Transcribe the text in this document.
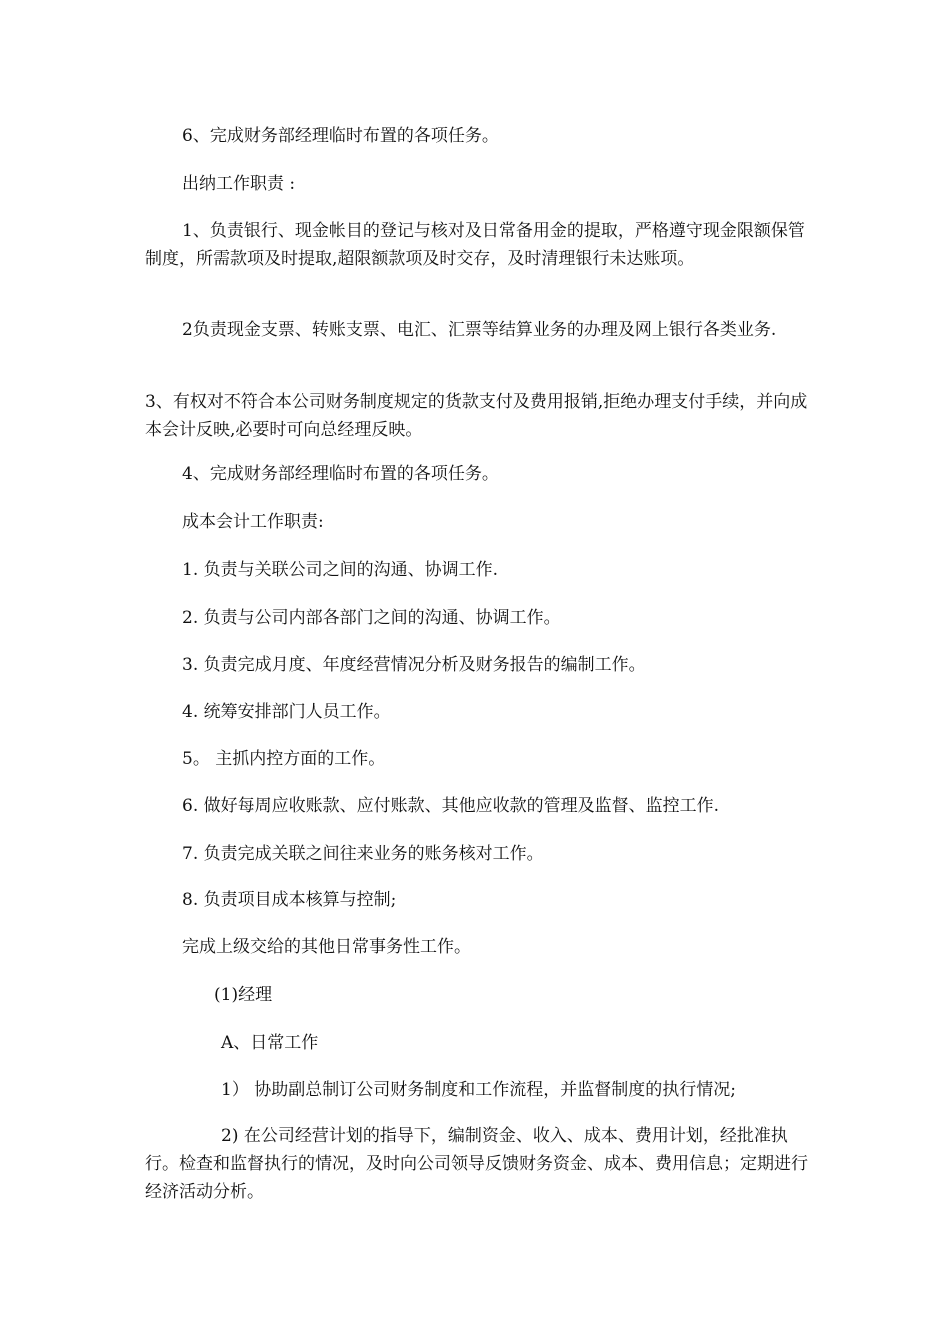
6、完成财务部经理临时布置的各项任务。

出纳工作职责 :

1、负责银行、现金帐目的登记与核对及日常备用金的提取，严格遵守现金限额保管制度，所需款项及时提取,超限额款项及时交存，及时清理银行未达账项。

2负责现金支票、转账支票、电汇、汇票等结算业务的办理及网上银行各类业务.

3、有权对不符合本公司财务制度规定的货款支付及费用报销,拒绝办理支付手续，并向成本会计反映,必要时可向总经理反映。

4、完成财务部经理临时布置的各项任务。

成本会计工作职责:

1. 负责与关联公司之间的沟通、协调工作.

2. 负责与公司内部各部门之间的沟通、协调工作。

3. 负责完成月度、年度经营情况分析及财务报告的编制工作。

4. 统筹安排部门人员工作。

5。 主抓内控方面的工作。

6. 做好每周应收账款、应付账款、其他应收款的管理及监督、监控工作.

7. 负责完成关联之间往来业务的账务核对工作。

8. 负责项目成本核算与控制;

完成上级交给的其他日常事务性工作。

(1)经理

A、日常工作

1） 协助副总制订公司财务制度和工作流程，并监督制度的执行情况;

2) 在公司经营计划的指导下，编制资金、收入、成本、费用计划，经批准执行。检查和监督执行的情况，及时向公司领导反馈财务资金、成本、费用信息；定期进行经济活动分析。
